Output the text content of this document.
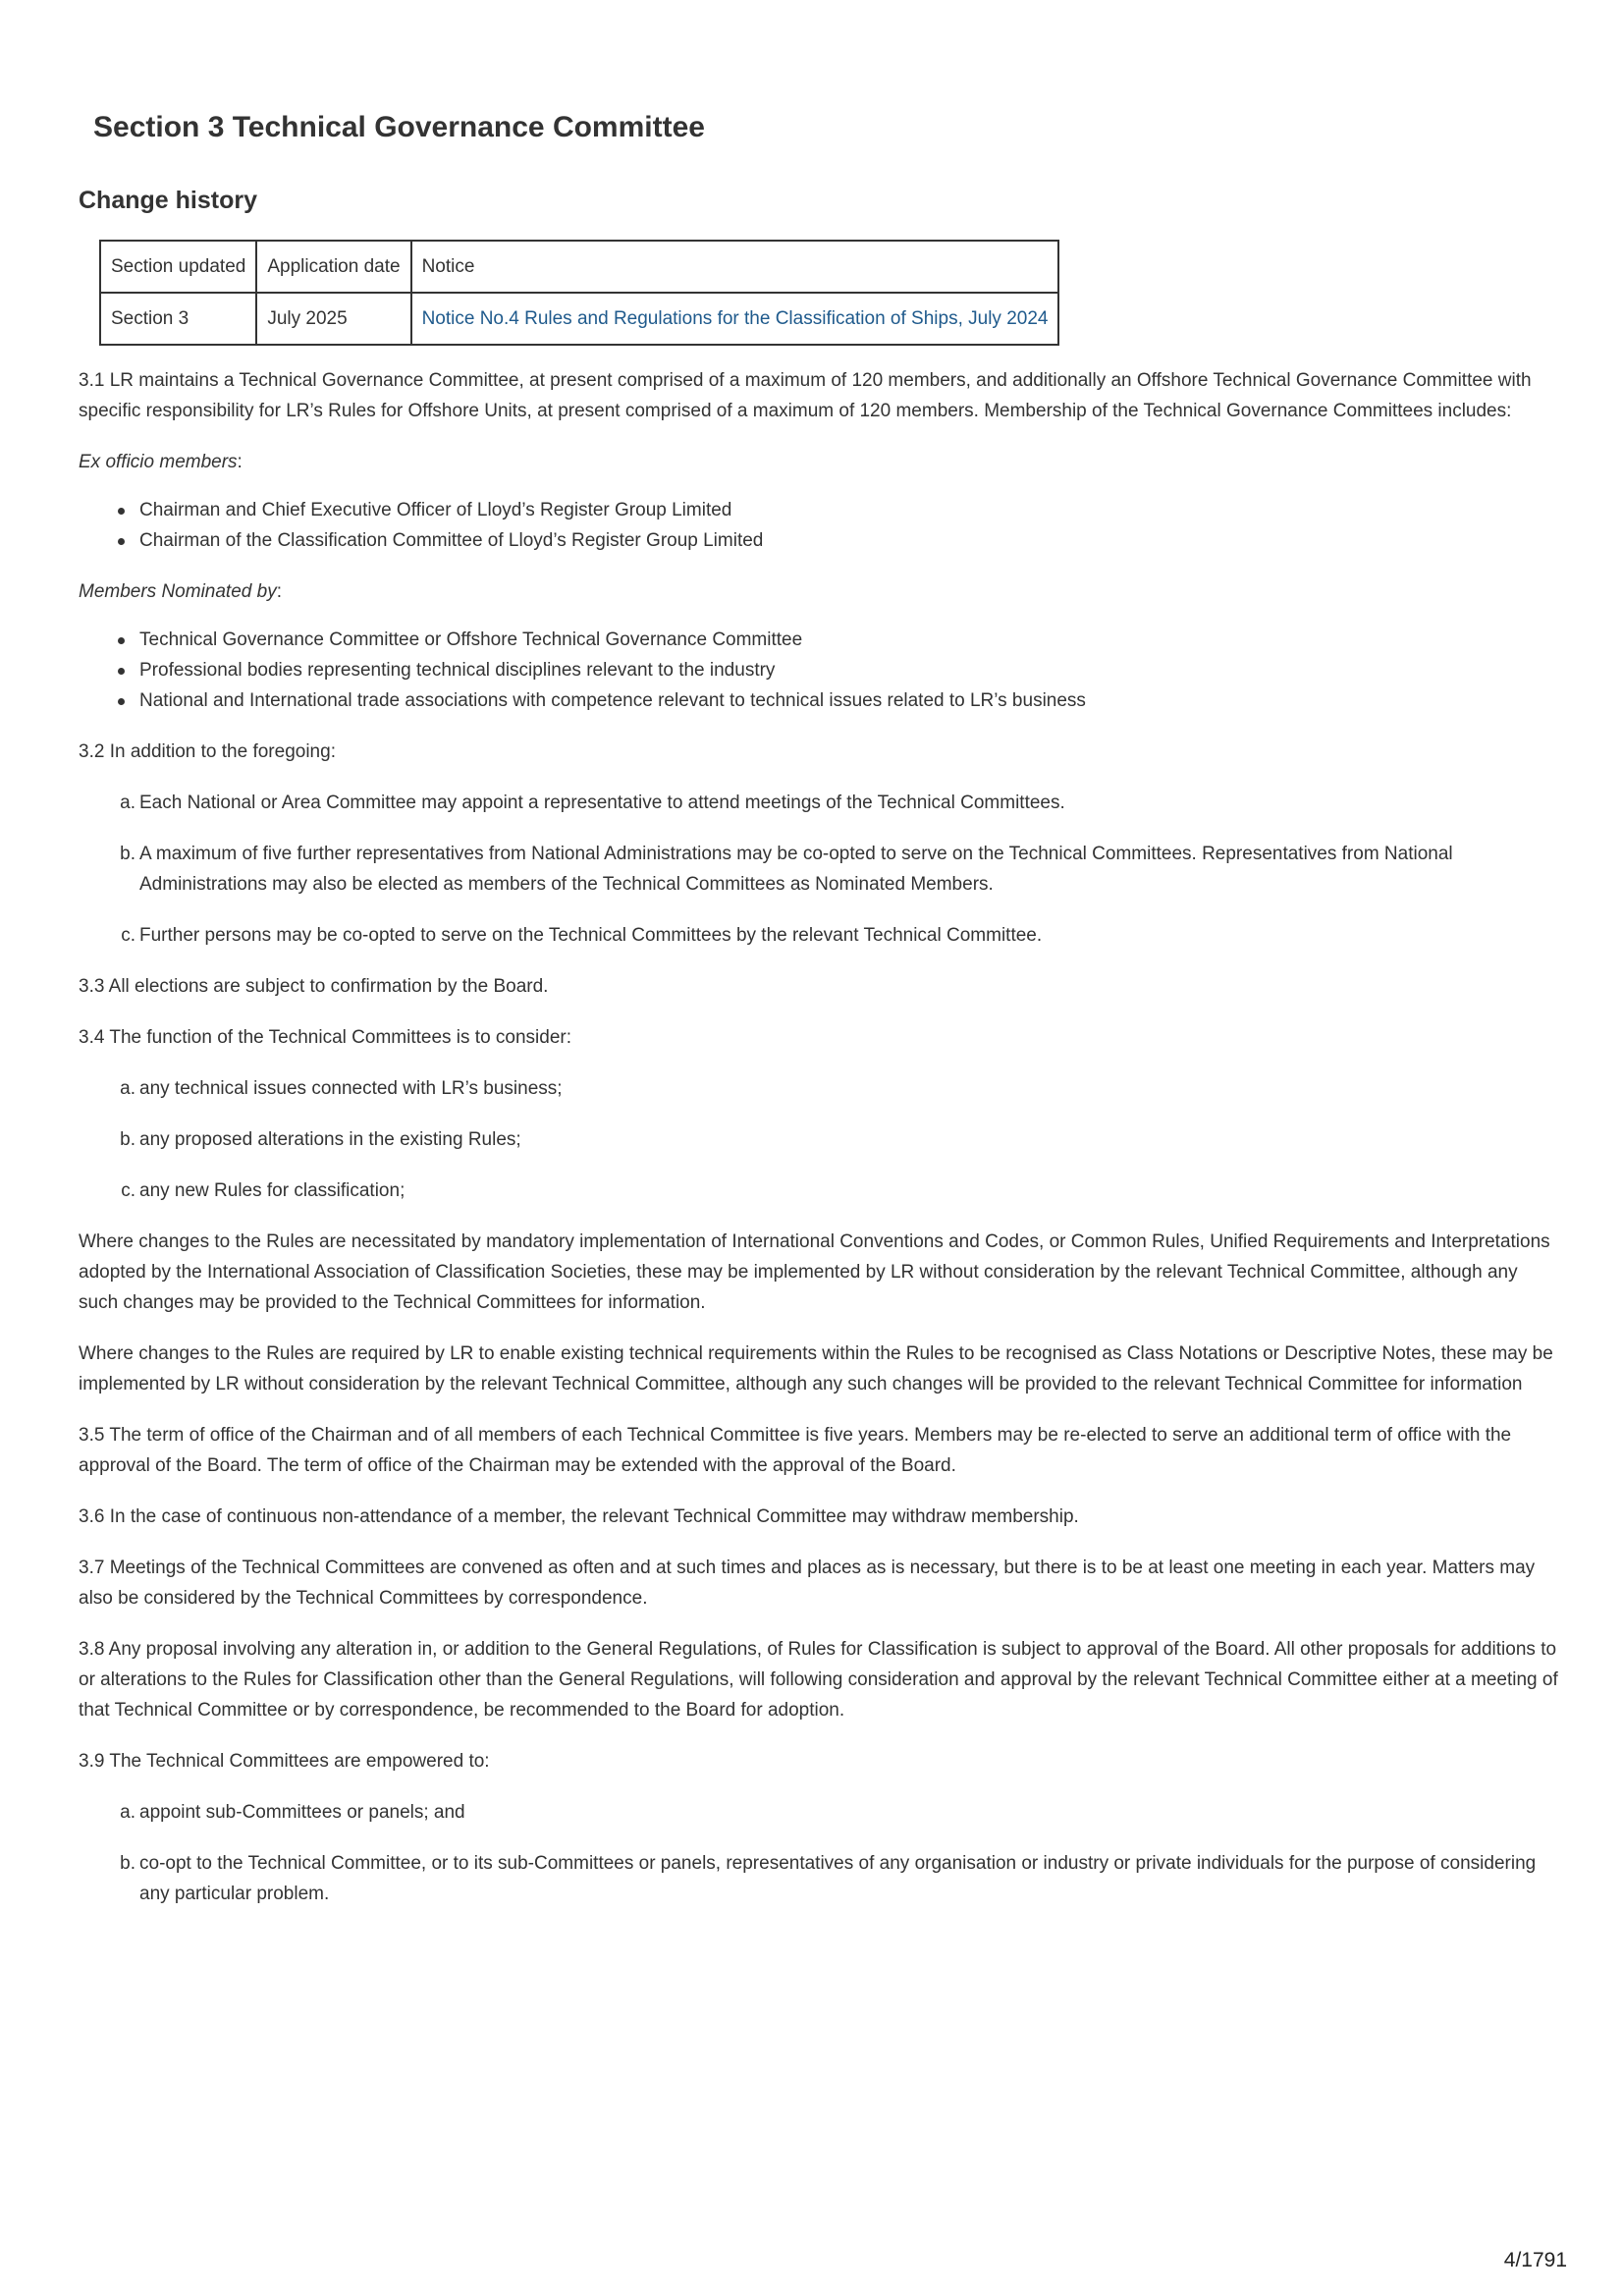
Section 3 Technical Governance Committee
Change history
Section updated	Application date	Notice
Section 3	July 2025	Notice No.4 Rules and Regulations for the Classification of Ships, July 2024

3.1 LR maintains a Technical Governance Committee, at present comprised of a maximum of 120 members, and additionally an Offshore Technical Governance Committee with specific responsibility for LR’s Rules for Offshore Units, at present comprised of a maximum of 120 members. Membership of the Technical Governance Committees includes:

Ex officio members:

Chairman and Chief Executive Officer of Lloyd’s Register Group Limited
Chairman of the Classification Committee of Lloyd’s Register Group Limited

Members Nominated by:

Technical Governance Committee or Offshore Technical Governance Committee
Professional bodies representing technical disciplines relevant to the industry
National and International trade associations with competence relevant to technical issues related to LR’s business

3.2 In addition to the foregoing:

a. Each National or Area Committee may appoint a representative to attend meetings of the Technical Committees.
b. A maximum of five further representatives from National Administrations may be co-opted to serve on the Technical Committees. Representatives from National Administrations may also be elected as members of the Technical Committees as Nominated Members.
c. Further persons may be co-opted to serve on the Technical Committees by the relevant Technical Committee.

3.3 All elections are subject to confirmation by the Board.

3.4 The function of the Technical Committees is to consider:

a. any technical issues connected with LR’s business;
b. any proposed alterations in the existing Rules;
c. any new Rules for classification;

Where changes to the Rules are necessitated by mandatory implementation of International Conventions and Codes, or Common Rules, Unified Requirements and Interpretations adopted by the International Association of Classification Societies, these may be implemented by LR without consideration by the relevant Technical Committee, although any such changes may be provided to the Technical Committees for information.

Where changes to the Rules are required by LR to enable existing technical requirements within the Rules to be recognised as Class Notations or Descriptive Notes, these may be implemented by LR without consideration by the relevant Technical Committee, although any such changes will be provided to the relevant Technical Committee for information

3.5 The term of office of the Chairman and of all members of each Technical Committee is five years. Members may be re-elected to serve an additional term of office with the approval of the Board. The term of office of the Chairman may be extended with the approval of the Board.

3.6 In the case of continuous non-attendance of a member, the relevant Technical Committee may withdraw membership.

3.7 Meetings of the Technical Committees are convened as often and at such times and places as is necessary, but there is to be at least one meeting in each year. Matters may also be considered by the Technical Committees by correspondence.

3.8 Any proposal involving any alteration in, or addition to the General Regulations, of Rules for Classification is subject to approval of the Board. All other proposals for additions to or alterations to the Rules for Classification other than the General Regulations, will following consideration and approval by the relevant Technical Committee either at a meeting of that Technical Committee or by correspondence, be recommended to the Board for adoption.

3.9 The Technical Committees are empowered to:

a. appoint sub-Committees or panels; and
b. co-opt to the Technical Committee, or to its sub-Committees or panels, representatives of any organisation or industry or private individuals for the purpose of considering any particular problem.
4/1791
